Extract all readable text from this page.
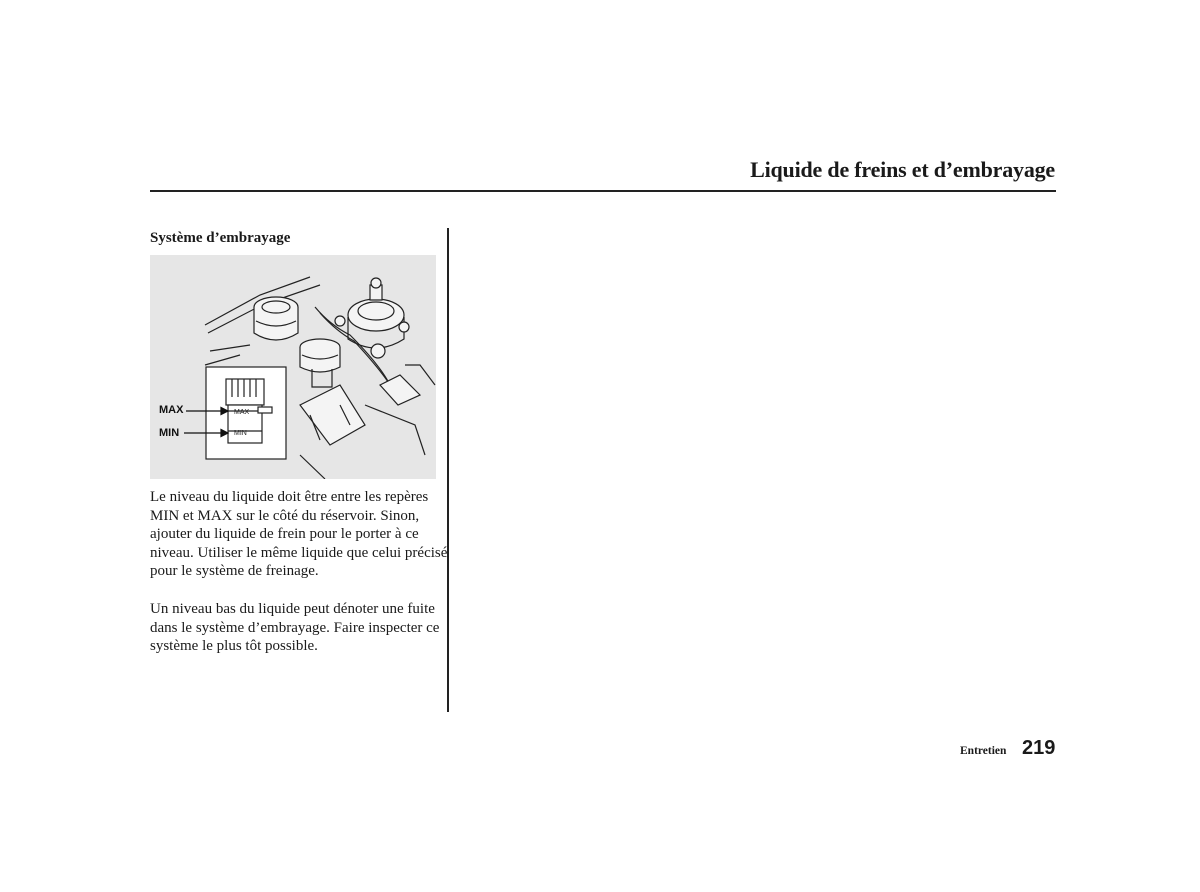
Liquide de freins et d’embrayage
Système d’embrayage
MAX
MIN
MAX
MIN

Le niveau du liquide doit être entre les repères MIN et MAX sur le côté du réservoir. Sinon, ajouter du liquide de frein pour le porter à ce niveau. Utiliser le même liquide que celui précisé pour le système de freinage.

Un niveau bas du liquide peut dénoter une fuite dans le système d’embrayage. Faire inspecter ce système le plus tôt possible.

Entretien 219
